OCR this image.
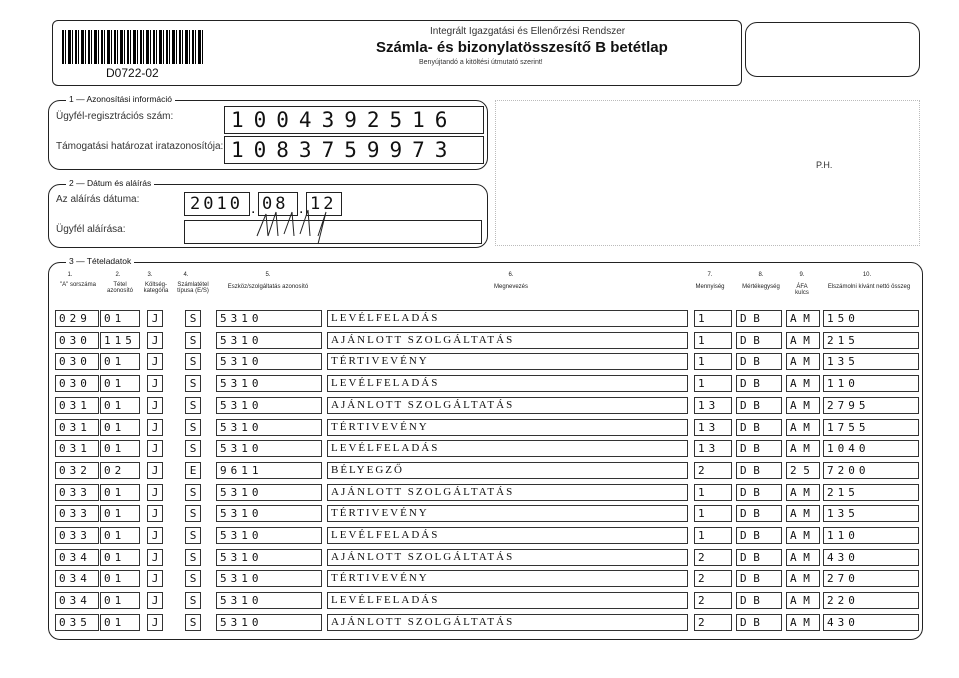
D0722-02
Integrált Igazgatási és Ellenőrzési Rendszer
Számla- és bizonylatösszesítő B betétlap
Benyújtandó a kitöltési útmutató szerint!
1 — Azonosítási információ
Ügyfél-regisztrációs szám:	1004392516
Támogatási határozat iratazonosítója: 1083759973
2 — Dátum és aláírás
Az aláírás dátuma:	2010 . 08 . 12
Ügyfél aláírása:
P.H.
3 — Tételadatok
1.
"A" sorszáma
2.
Tétel azonosító
3.
Költség-kategória
4.
Számlatétel típusa (E/S)
5.
Eszköz/szolgáltatás azonosító
6.
Megnevezés
7.
Mennyiség
8.
Mértékegység
9.
ÁFA kulcs
10.
Elszámolni kívánt nettó összeg
029	01	J	S	5310	LEVÉLFELADÁS	1	D B	A M	150
030	115	J	S	5310	AJÁNLOTT SZOLGÁLTATÁS	1	D B	A M	215
030	01	J	S	5310	TÉRTIVEVÉNY	1	D B	A M	135
030	01	J	S	5310	LEVÉLFELADÁS	1	D B	A M	110
031	01	J	S	5310	AJÁNLOTT SZOLGÁLTATÁS	13	D B	A M	2795
031	01	J	S	5310	TÉRTIVEVÉNY	13	D B	A M	1755
031	01	J	S	5310	LEVÉLFELADÁS	13	D B	A M	1040
032	02	J	E	9611	BÉLYEGZŐ	2	D B	2 5	7200
033	01	J	S	5310	AJÁNLOTT SZOLGÁLTATÁS	1	D B	A M	215
033	01	J	S	5310	TÉRTIVEVÉNY	1	D B	A M	135
033	01	J	S	5310	LEVÉLFELADÁS	1	D B	A M	110
034	01	J	S	5310	AJÁNLOTT SZOLGÁLTATÁS	2	D B	A M	430
034	01	J	S	5310	TÉRTIVEVÉNY	2	D B	A M	270
034	01	J	S	5310	LEVÉLFELADÁS	2	D B	A M	220
035	01	J	S	5310	AJÁNLOTT SZOLGÁLTATÁS	2	D B	A M	430
